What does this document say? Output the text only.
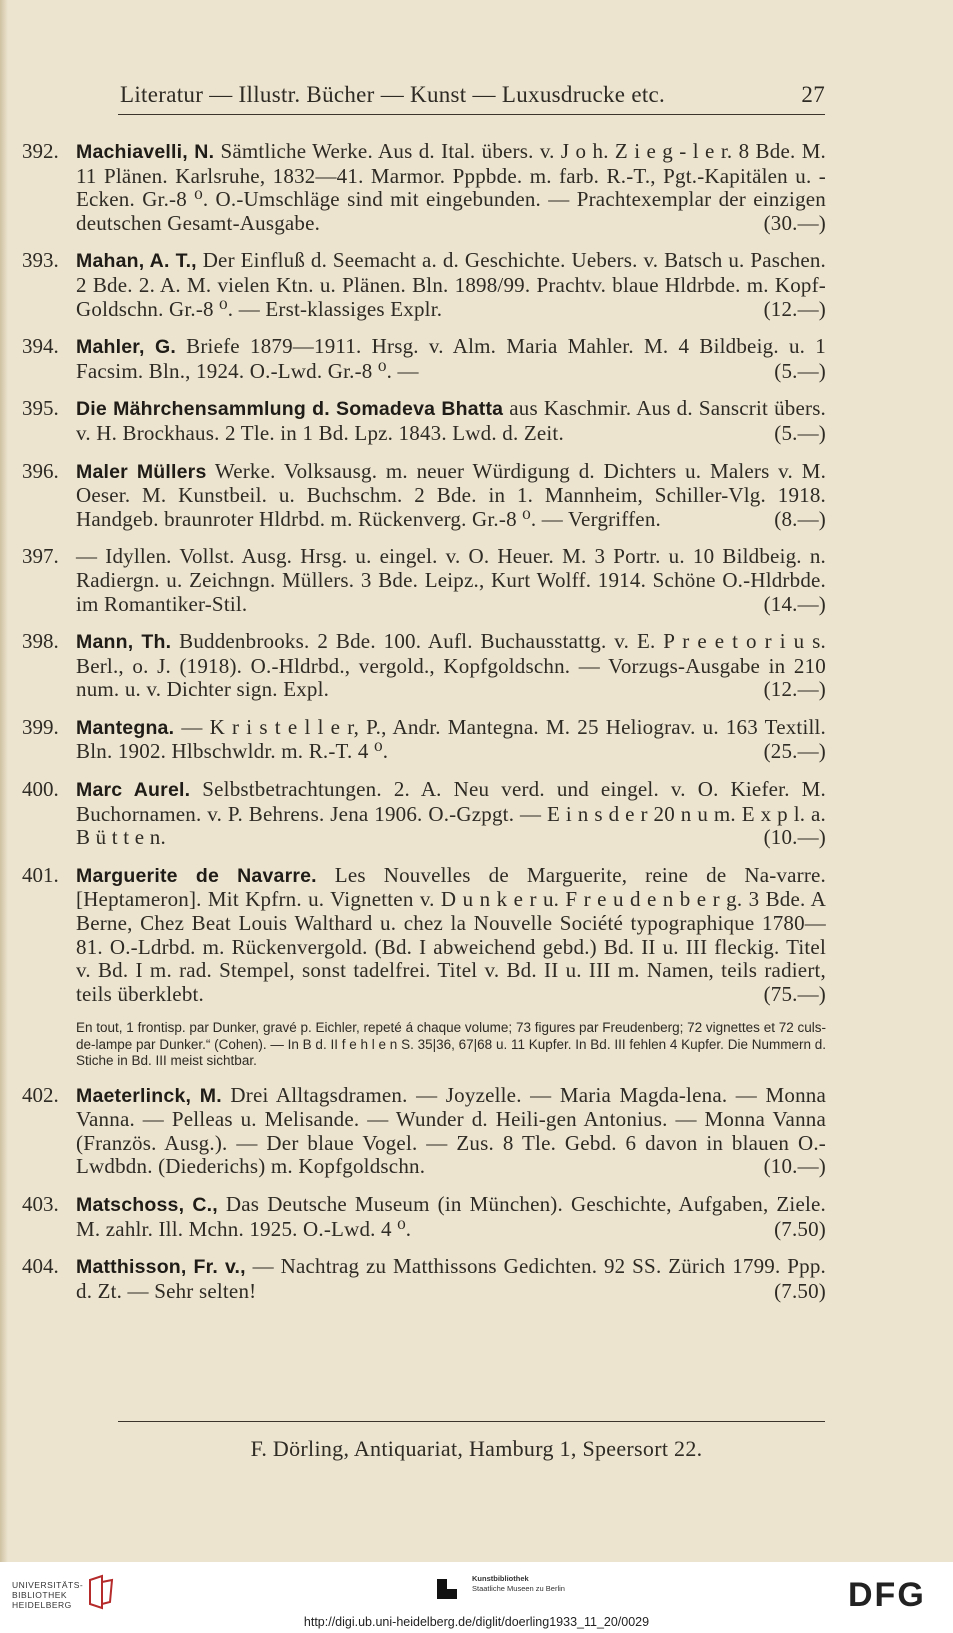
Literatur — Illustr. Bücher — Kunst — Luxusdrucke etc.	27
392. Machiavelli, N. Sämtliche Werke. Aus d. Ital. übers. v. J o h. Z i e g - l e r. 8 Bde. M. 11 Plänen. Karlsruhe, 1832—41. Marmor. Pppbde. m. farb. R.-T., Pgt.-Kapitälen u. -Ecken. Gr.-8 ⁰. O.-Umschläge sind mit eingebunden. — Prachtexemplar der einzigen deutschen Gesamt-Ausgabe.	(30.—)
393. Mahan, A. T., Der Einfluß d. Seemacht a. d. Geschichte. Uebers. v. Batsch u. Paschen. 2 Bde. 2. A. M. vielen Ktn. u. Plänen. Bln. 1898/99. Prachtv. blaue Hldrbde. m. Kopf-Goldschn. Gr.-8 ⁰. — Erst-klassiges Explr.	(12.—)
394. Mahler, G. Briefe 1879—1911. Hrsg. v. Alm. Maria Mahler. M. 4 Bildbeig. u. 1 Facsim. Bln., 1924. O.-Lwd. Gr.-8 ⁰. —	(5.—)
395. Die Mährchensammlung d. Somadeva Bhatta aus Kaschmir. Aus d. Sanscrit übers. v. H. Brockhaus. 2 Tle. in 1 Bd. Lpz. 1843. Lwd. d. Zeit.	(5.—)
396. Maler Müllers Werke. Volksausg. m. neuer Würdigung d. Dichters u. Malers v. M. Oeser. M. Kunstbeil. u. Buchschm. 2 Bde. in 1. Mannheim, Schiller-Vlg. 1918. Handgeb. braunroter Hldrbd. m. Rückenverg. Gr.-8 ⁰. — Vergriffen.	(8.—)
397. — Idyllen. Vollst. Ausg. Hrsg. u. eingel. v. O. Heuer. M. 3 Portr. u. 10 Bildbeig. n. Radiergn. u. Zeichngn. Müllers. 3 Bde. Leipz., Kurt Wolff. 1914. Schöne O.-Hldrbde. im Romantiker-Stil.	(14.—)
398. Mann, Th. Buddenbrooks. 2 Bde. 100. Aufl. Buchausstattg. v. E. P r e e t o r i u s. Berl., o. J. (1918). O.-Hldrbd., vergold., Kopfgoldschn. — Vorzugs-Ausgabe in 210 num. u. v. Dichter sign. Expl.	(12.—)
399. Mantegna. — K r i s t e l l e r, P., Andr. Mantegna. M. 25 Heliograv. u. 163 Textill. Bln. 1902. Hlbschwldr. m. R.-T. 4 ⁰.	(25.—)
400. Marc Aurel. Selbstbetrachtungen. 2. A. Neu verd. und eingel. v. O. Kiefer. M. Buchornamen. v. P. Behrens. Jena 1906. O.-Gzpgt. — E i n s d e r 20 n u m. E x p l. a. B ü t t e n.	(10.—)
401. Marguerite de Navarre. Les Nouvelles de Marguerite, reine de Na-varre. [Heptameron]. Mit Kpfrn. u. Vignetten v. D u n k e r u. F r e u d e n b e r g. 3 Bde. A Berne, Chez Beat Louis Walthard u. chez la Nouvelle Société typographique 1780—81. O.-Ldrbd. m. Rückenvergold. (Bd. I abweichend gebd.) Bd. II u. III fleckig. Titel v. Bd. I m. rad. Stempel, sonst tadelfrei. Titel v. Bd. II u. III m. Namen, teils radiert, teils überklebt.	(75.—)
En tout, 1 frontisp. par Dunker, gravé p. Eichler, repeté á chaque volume; 73 figures par Freudenberg; 72 vignettes et 72 culs-de-lampe par Dunker.“ (Cohen). — In B d. II f e h l e n S. 35|36, 67|68 u. 11 Kupfer. In Bd. III fehlen 4 Kupfer. Die Nummern d. Stiche in Bd. III meist sichtbar.
402. Maeterlinck, M. Drei Alltagsdramen. — Joyzelle. — Maria Magda-lena. — Monna Vanna. — Pelleas u. Melisande. — Wunder d. Heili-gen Antonius. — Monna Vanna (Französ. Ausg.). — Der blaue Vogel. — Zus. 8 Tle. Gebd. 6 davon in blauen O.-Lwdbdn. (Diederichs) m. Kopfgoldschn.	(10.—)
403. Matschoss, C., Das Deutsche Museum (in München). Geschichte, Aufgaben, Ziele. M. zahlr. Ill. Mchn. 1925. O.-Lwd. 4 ⁰.	(7.50)
404. Matthisson, Fr. v., — Nachtrag zu Matthissons Gedichten. 92 SS. Zürich 1799. Ppp. d. Zt. — Sehr selten!	(7.50)
F. Dörling, Antiquariat, Hamburg 1, Speersort 22.
UNIVERSITÄTS-
BIBLIOTHEK
HEIDELBERG
Kunstbibliothek
Staatliche Museen zu Berlin	DFG
http://digi.ub.uni-heidelberg.de/diglit/doerling1933_11_20/0029
